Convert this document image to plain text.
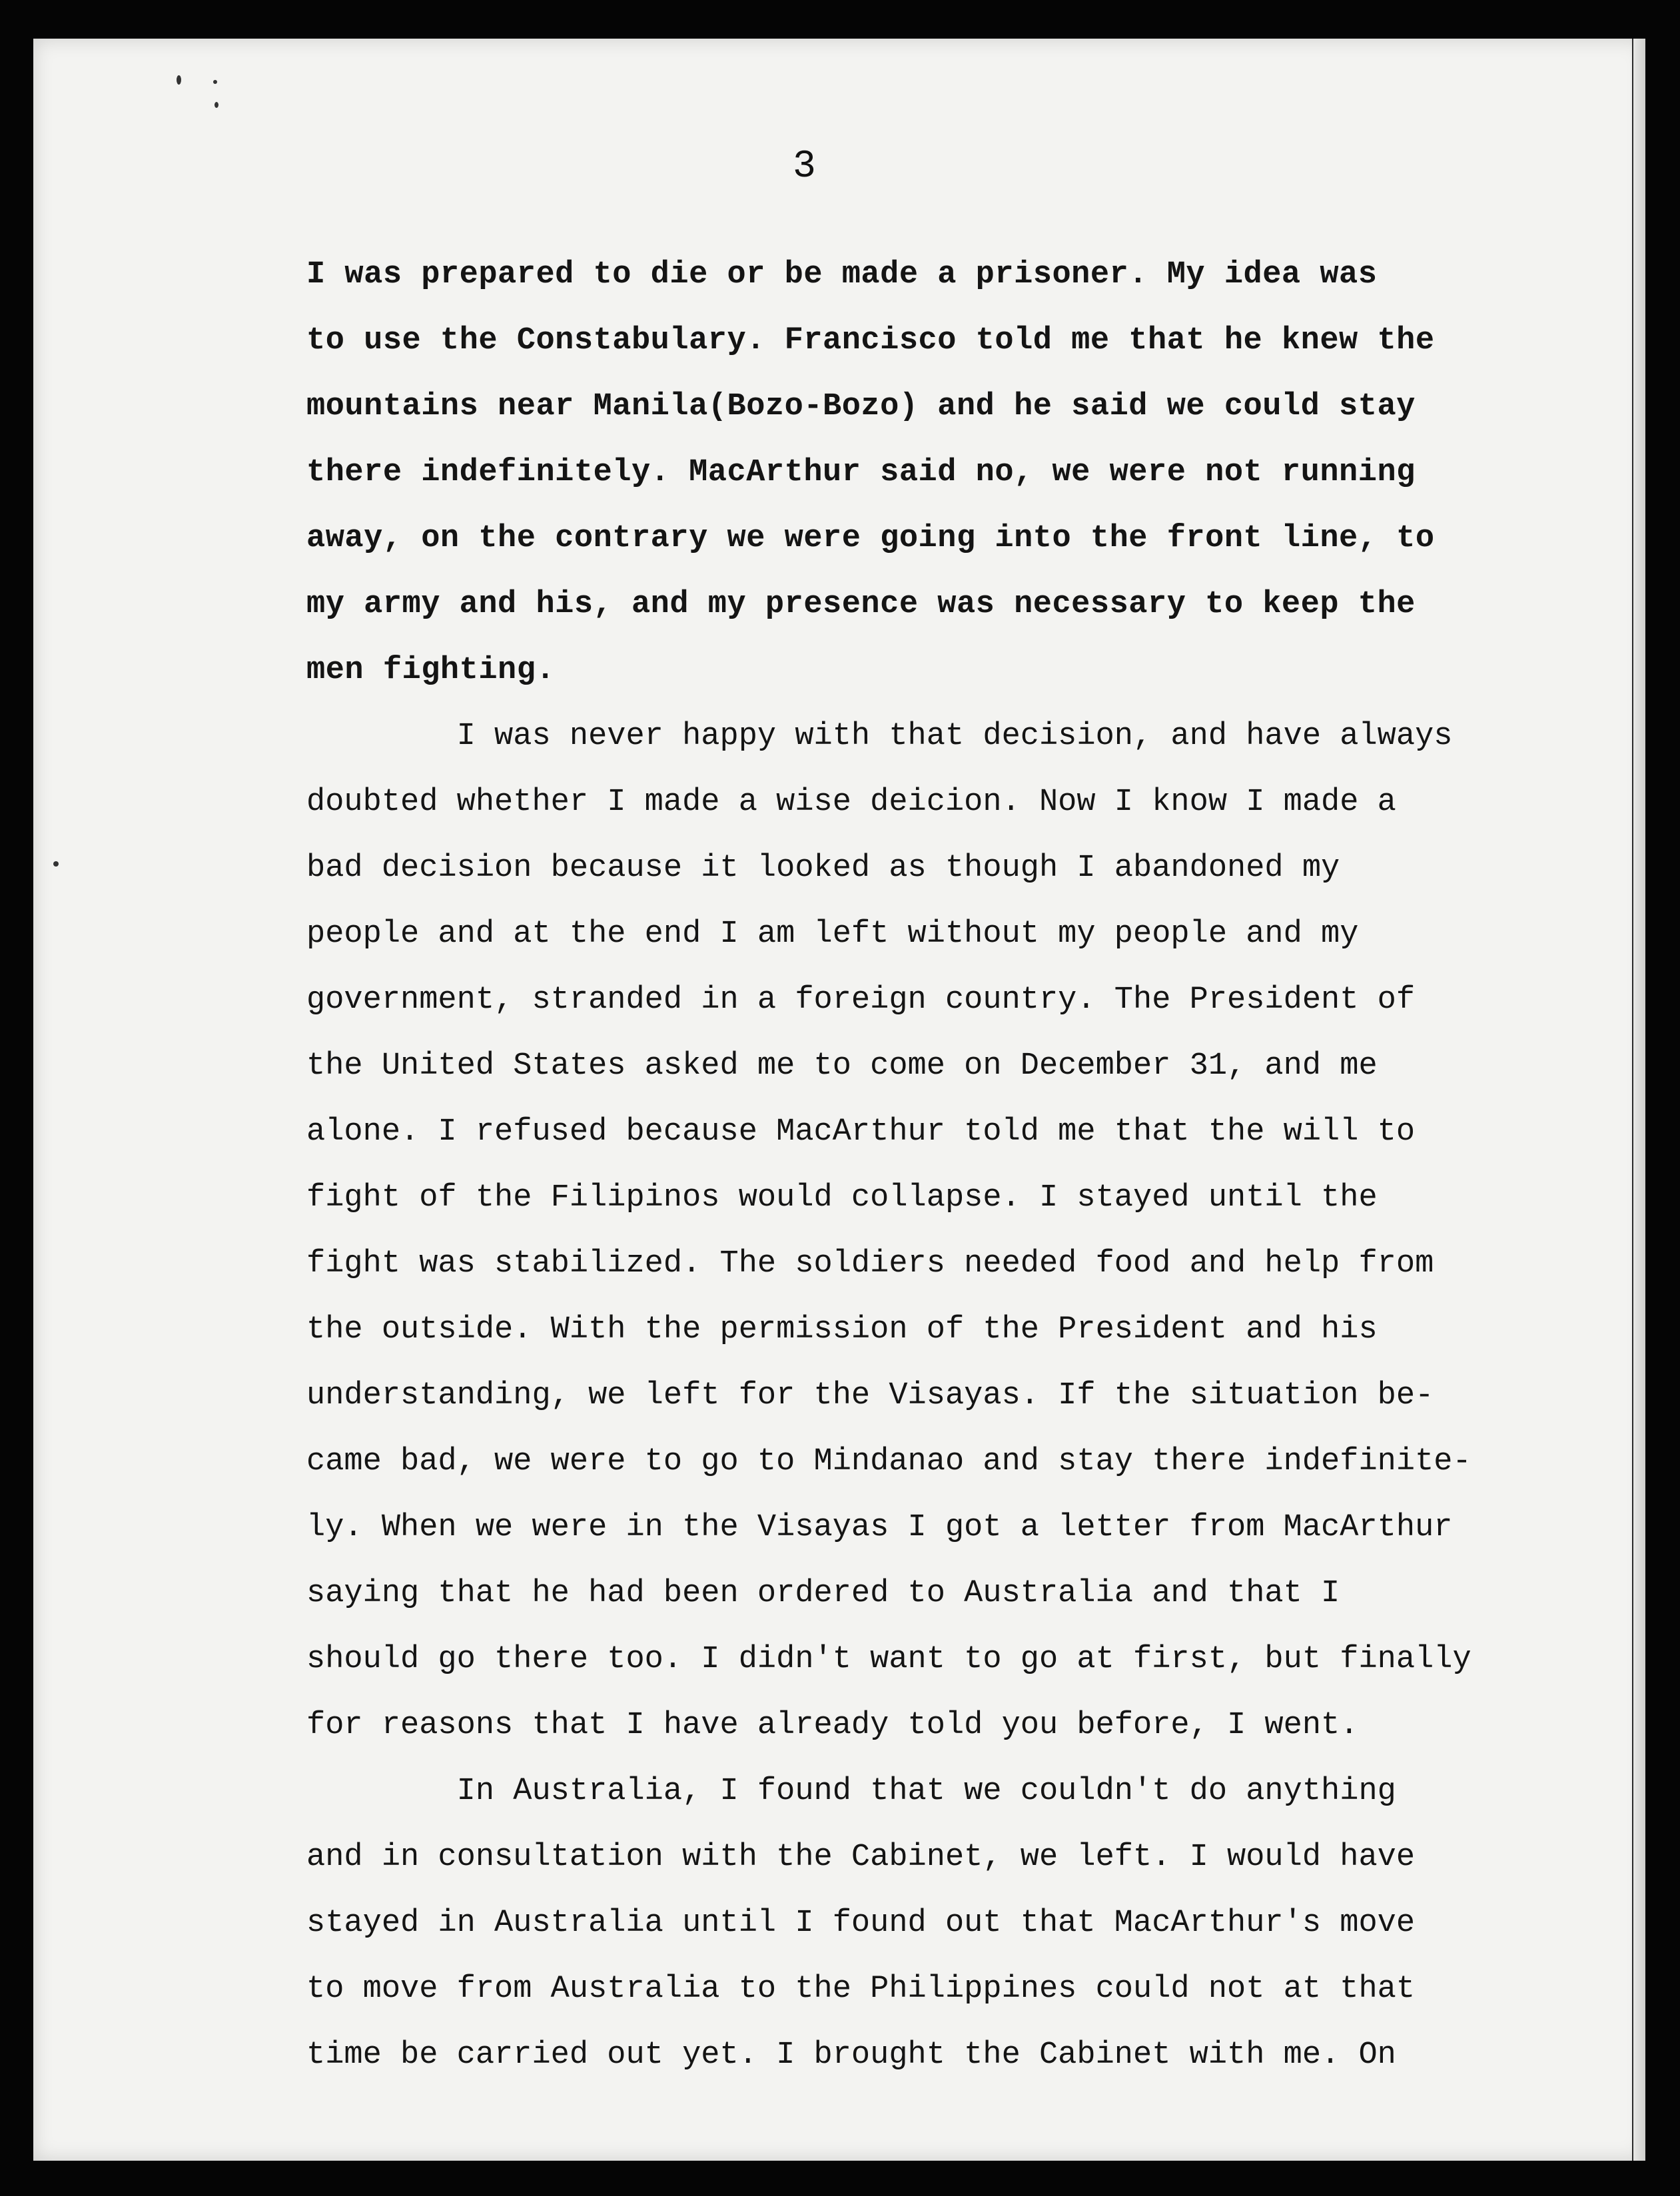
3

I was prepared to die or be made a prisoner. My idea was

to use the Constabulary. Francisco told me that he knew the

mountains near Manila(Bozo-Bozo) and he said we could stay

there indefinitely. MacArthur said no, we were not running

away, on the contrary we were going into the front line, to

my army and his, and my presence was necessary to keep the

men fighting.

I was never happy with that decision, and have always

doubted whether I made a wise deicion. Now I know I made a

bad decision because it looked as though I abandoned my

people and at the end I am left without my people and my

government, stranded in a foreign country. The President of

the United States asked me to come on December 31, and me

alone. I refused because MacArthur told me that the will to

fight of the Filipinos would collapse. I stayed until the

fight was stabilized. The soldiers needed food and help from

the outside. With the permission of the President and his

understanding, we left for the Visayas. If the situation be-

came bad, we were to go to Mindanao and stay there indefinite-

ly. When we were in the Visayas I got a letter from MacArthur

saying that he had been ordered to Australia and that I

should go there too. I didn't want to go at first, but finally

for reasons that I have already told you before, I went.

In Australia, I found that we couldn't do anything

and in consultation with the Cabinet, we left. I would have

stayed in Australia until I found out that MacArthur's move

to move from Australia to the Philippines could not at that

time be carried out yet. I brought the Cabinet with me. On
